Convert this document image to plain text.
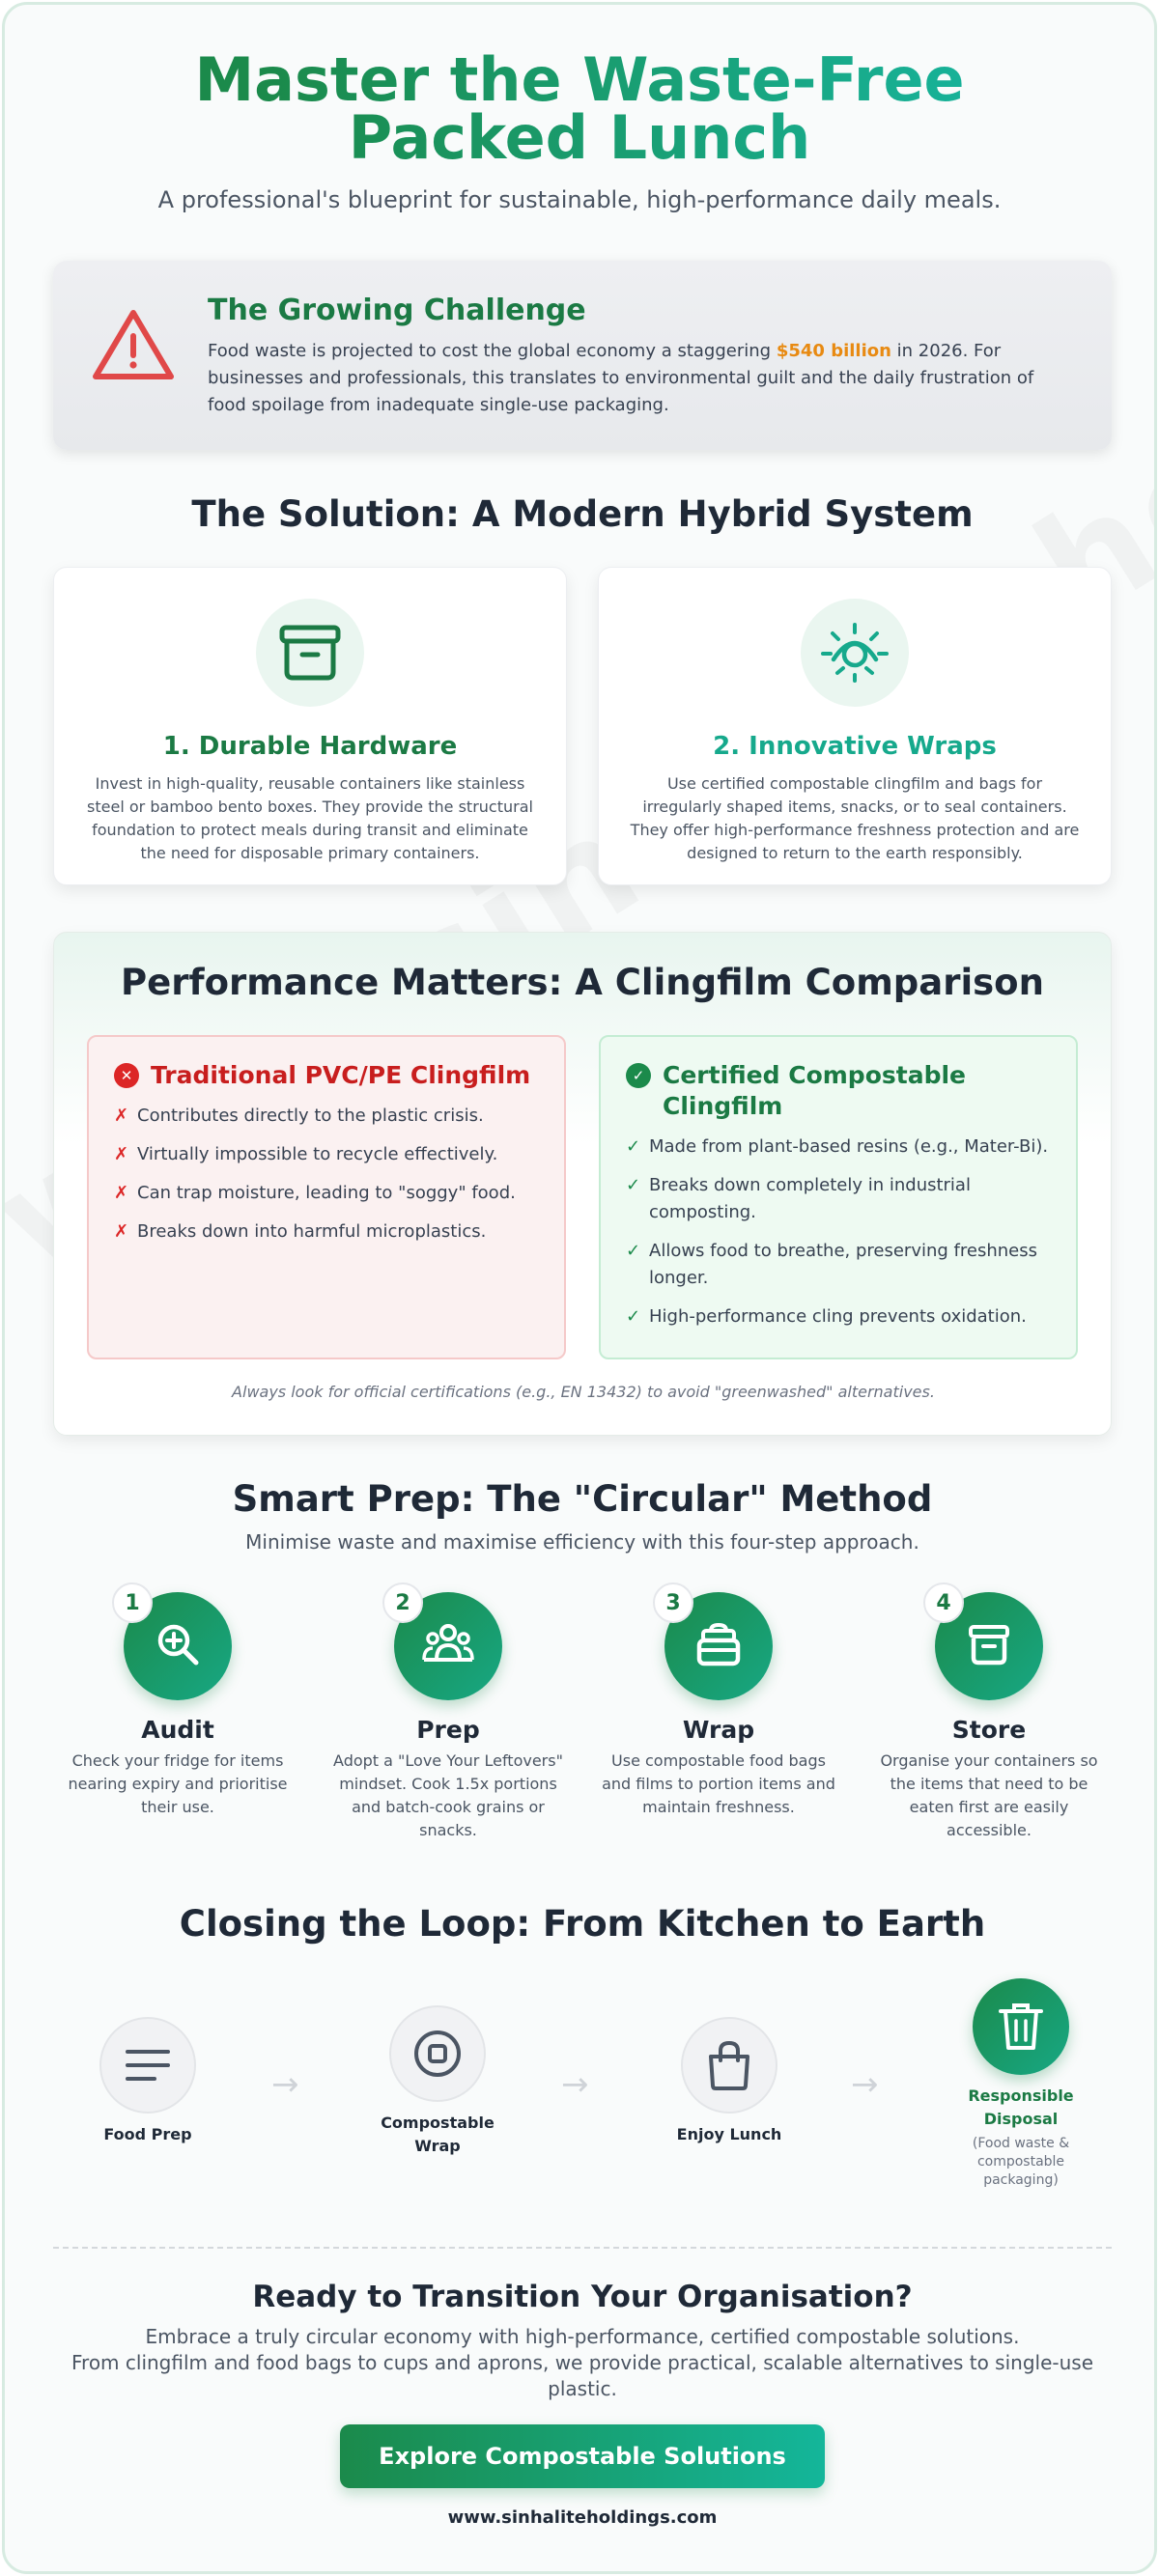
Master the Waste-Free Packed Lunch

A professional's blueprint for sustainable, high-performance daily meals.

The Growing Challenge

Food waste is projected to cost the global economy a staggering $540 billion in 2026. For businesses and professionals, this translates to environmental guilt and the daily frustration of food spoilage from inadequate single-use packaging.

The Solution: A Modern Hybrid System
1. Durable Hardware

Invest in high-quality, reusable containers like stainless steel or bamboo bento boxes. They provide the structural foundation to protect meals during transit and eliminate the need for disposable primary containers.

2. Innovative Wraps

Use certified compostable clingfilm and bags for irregularly shaped items, snacks, or to seal containers. They offer high-performance freshness protection and are designed to return to the earth responsibly.

Performance Matters: A Clingfilm Comparison
✕ Traditional PVC/PE Clingfilm
✗ Contributes directly to the plastic crisis.
✗ Virtually impossible to recycle effectively.
✗ Can trap moisture, leading to "soggy" food.
✗ Breaks down into harmful microplastics.
✓ Certified Compostable Clingfilm
✓ Made from plant-based resins (e.g., Mater-Bi).
✓ Breaks down completely in industrial composting.
✓ Allows food to breathe, preserving freshness longer.
✓ High-performance cling prevents oxidation.
Always look for official certifications (e.g., EN 13432) to avoid "greenwashed" alternatives.
Smart Prep: The "Circular" Method
Minimise waste and maximise efficiency with this four-step approach.
1
Audit

Check your fridge for items nearing expiry and prioritise their use.

2
Prep

Adopt a "Love Your Leftovers" mindset. Cook 1.5x portions and batch-cook grains or snacks.

3
Wrap

Use compostable food bags and films to portion items and maintain freshness.

4
Store

Organise your containers so the items that need to be eaten first are easily accessible.

Closing the Loop: From Kitchen to Earth
Food Prep
→
Compostable Wrap
→
Enjoy Lunch
→	Responsible Disposal
(Food waste & compostable packaging)
Ready to Transition Your Organisation?
Embrace a truly circular economy with high-performance, certified compostable solutions.
From clingfilm and food bags to cups and aprons, we provide practical, scalable alternatives to single-use plastic.
Explore Compostable Solutions
www.sinhaliteholdings.com
